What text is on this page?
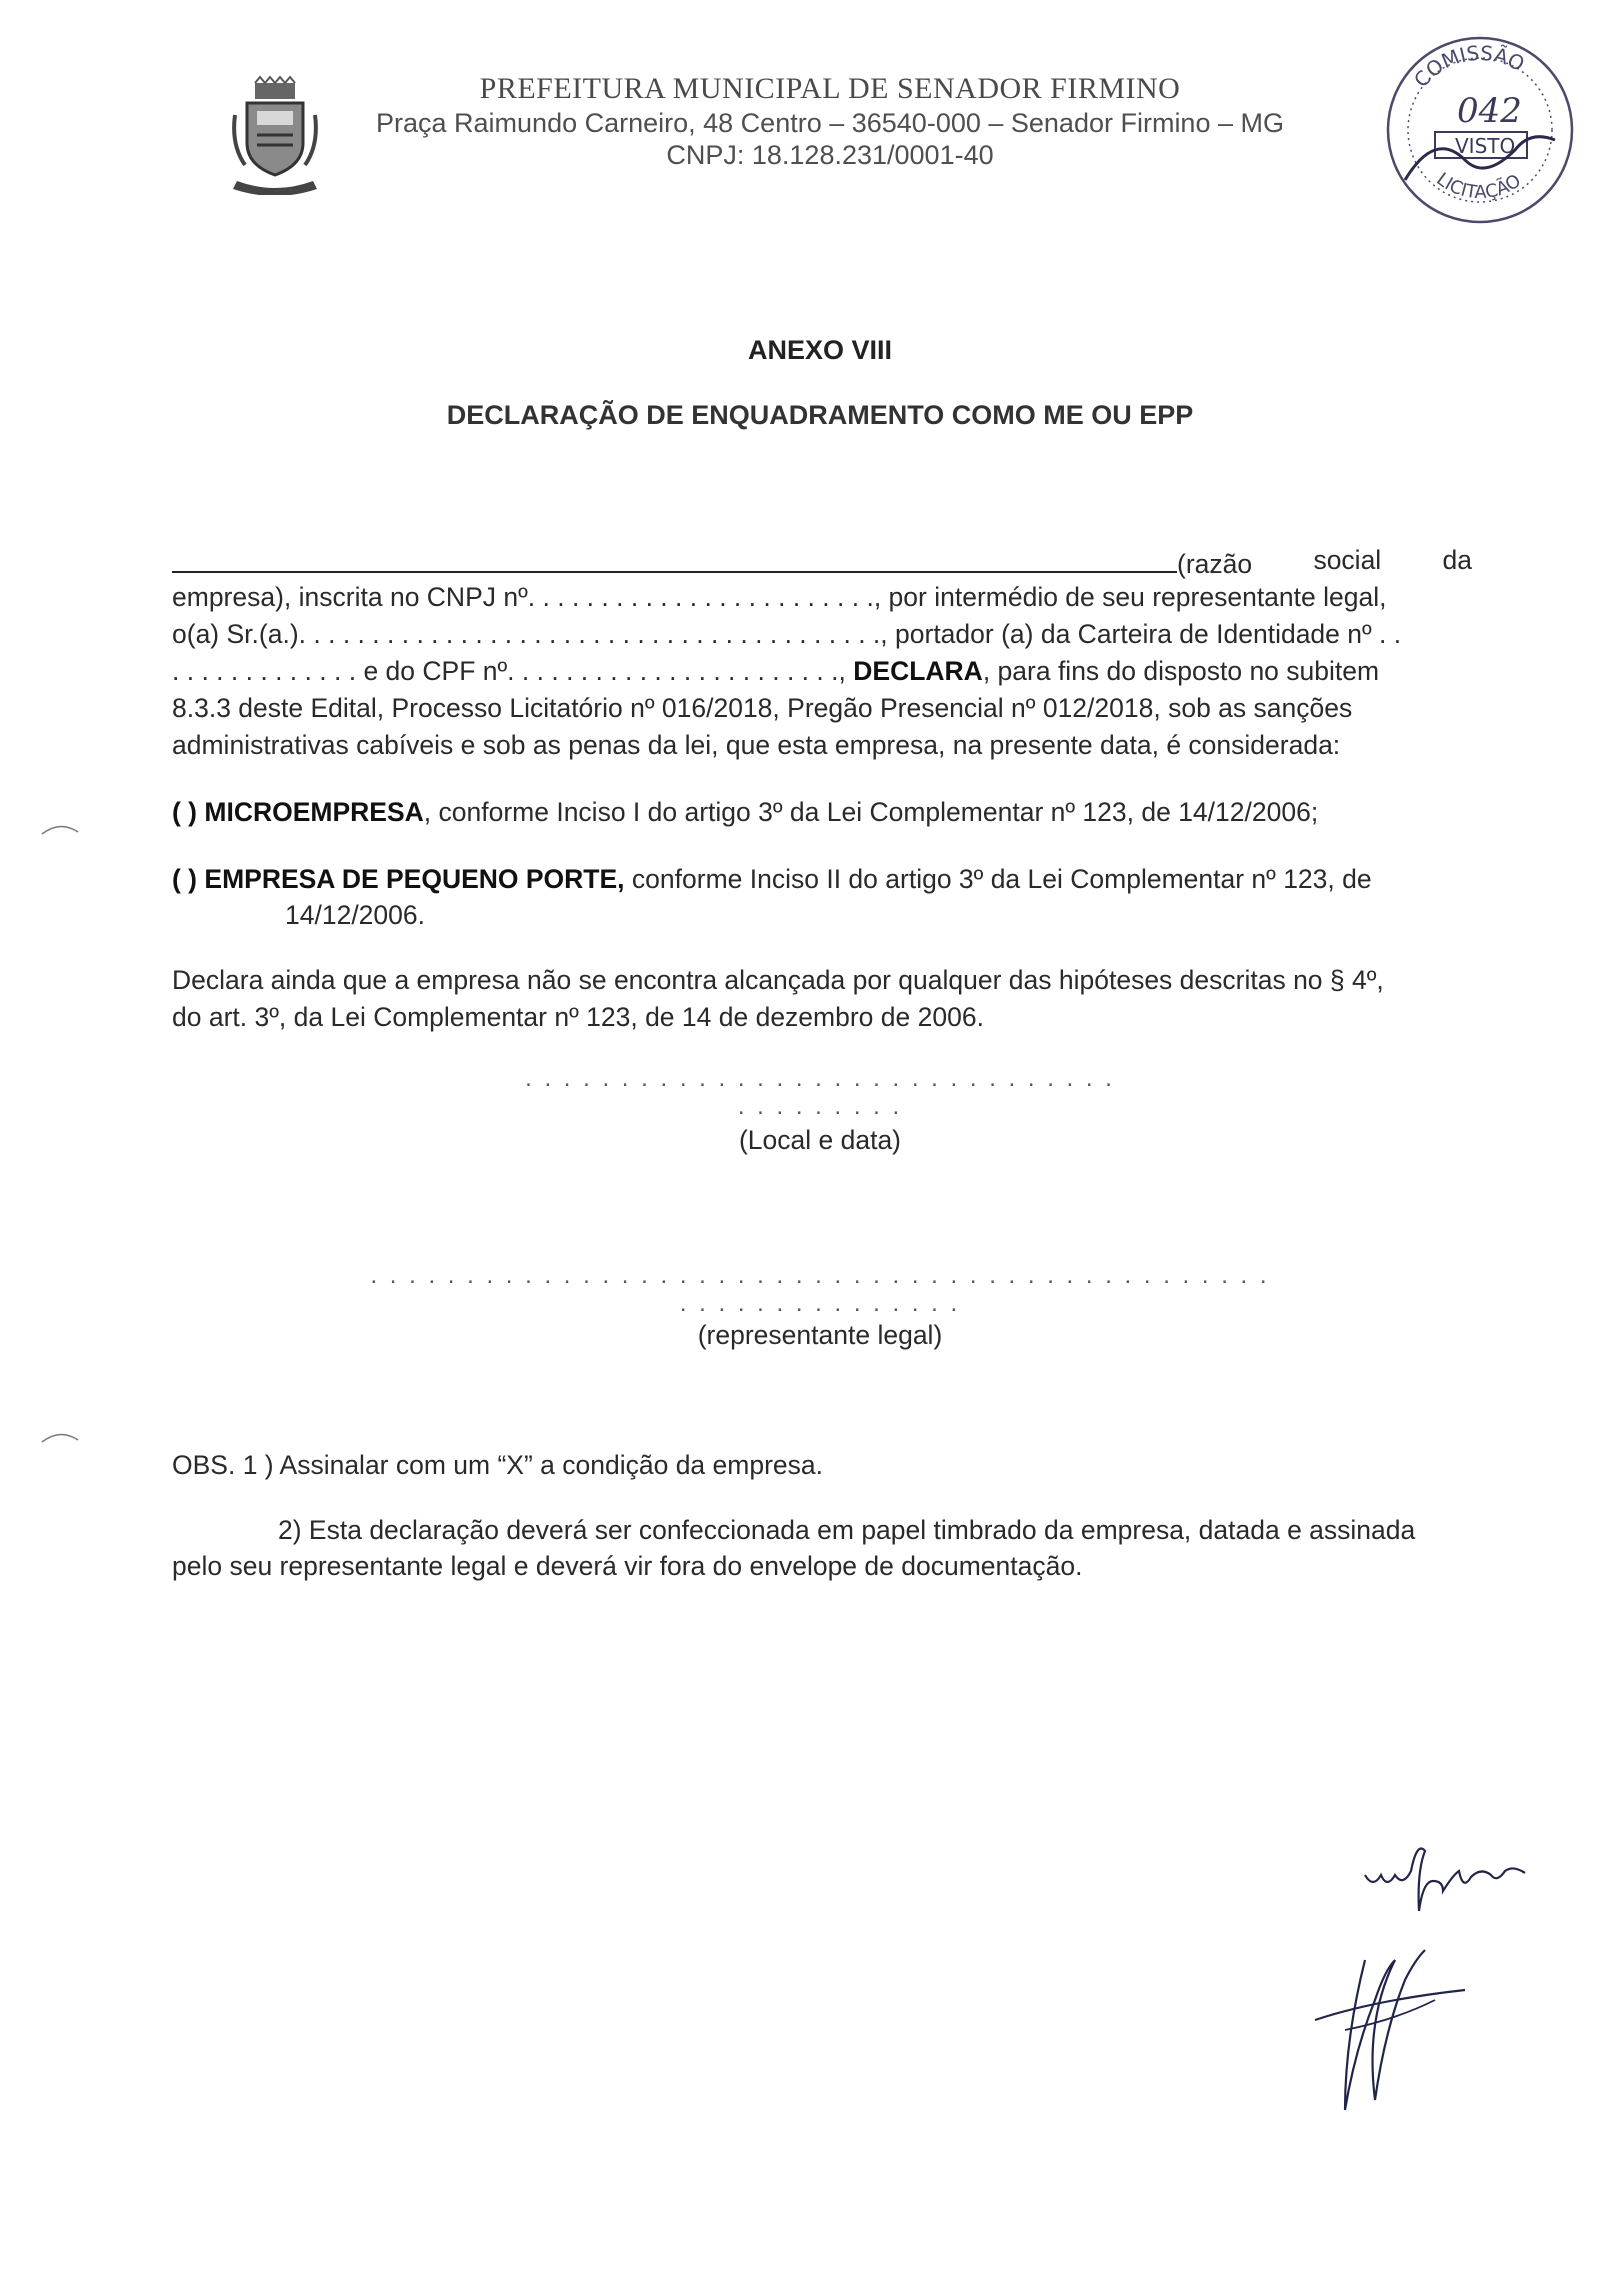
PREFEITURA MUNICIPAL DE SENADOR FIRMINO
Praça Raimundo Carneiro, 48 Centro – 36540-000 – Senador Firmino – MG
CNPJ: 18.128.231/0001-40
COMISSÃO
LICITAÇÃO
042
VISTO
ANEXO VIII
DECLARAÇÃO DE ENQUADRAMENTO COMO ME OU EPP
(razão social da
empresa), inscrita no CNPJ nº. . . . . . . . . . . . . . . . . . . . . . . ., por intermédio de seu representante legal,
o(a) Sr.(a.). . . . . . . . . . . . . . . . . . . . . . . . . . . . . . . . . . . . . . . ., portador (a) da Carteira de Identidade nº . .
. . . . . . . . . . . . . e do CPF nº. . . . . . . . . . . . . . . . . . . . . . ., DECLARA, para fins do disposto no subitem
8.3.3 deste Edital, Processo Licitatório nº 016/2018, Pregão Presencial nº 012/2018, sob as sanções
administrativas cabíveis e sob as penas da lei, que esta empresa, na presente data, é considerada:
( ) MICROEMPRESA, conforme Inciso I do artigo 3º da Lei Complementar nº 123, de 14/12/2006;
( ) EMPRESA DE PEQUENO PORTE, conforme Inciso II do artigo 3º da Lei Complementar nº 123, de
14/12/2006.
Declara ainda que a empresa não se encontra alcançada por qualquer das hipóteses descritas no § 4º,
do art. 3º, da Lei Complementar nº 123, de 14 de dezembro de 2006.
. . . . . . . . . . . . . . . . . . . . . . . . . . . . . . . . . . . . . . . .
(Local e data)
. . . . . . . . . . . . . . . . . . . . . . . . . . . . . . . . . . . . . . . . . . . . . . . . . . . . . . . . . . . . . .
(representante legal)
OBS. 1 ) Assinalar com um “X” a condição da empresa.
2) Esta declaração deverá ser confeccionada em papel timbrado da empresa, datada e assinada
pelo seu representante legal e deverá vir fora do envelope de documentação.
